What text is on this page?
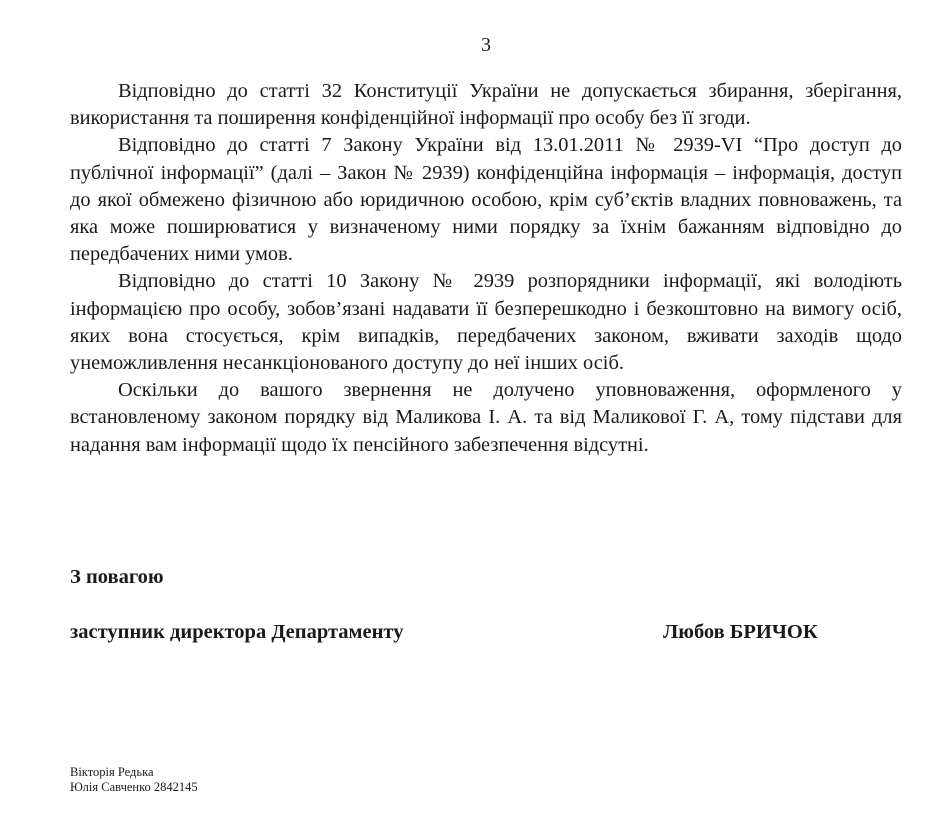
3

Відповідно до статті 32 Конституції України не допускається збирання, зберігання, використання та поширення конфіденційної інформації про особу без її згоди.

Відповідно до статті 7 Закону України від 13.01.2011 № 2939-VI “Про доступ до публічної інформації” (далі – Закон № 2939) конфіденційна інформація – інформація, доступ до якої обмежено фізичною або юридичною особою, крім суб’єктів владних повноважень, та яка може поширюватися у визначеному ними порядку за їхнім бажанням відповідно до передбачених ними умов.

Відповідно до статті 10 Закону № 2939 розпорядники інформації, які володіють інформацією про особу, зобов’язані надавати її безперешкодно і безкоштовно на вимогу осіб, яких вона стосується, крім випадків, передбачених законом, вживати заходів щодо унеможливлення несанкціонованого доступу до неї інших осіб.

Оскільки до вашого звернення не долучено уповноваження, оформленого у встановленому законом порядку від Маликова І. А. та від Маликової Г. А, тому підстави для надання вам інформації щодо їх пенсійного забезпечення відсутні.

З повагою
заступник директора Департаменту	Любов БРИЧОК
Вікторія Редька
Юлія Савченко 2842145
